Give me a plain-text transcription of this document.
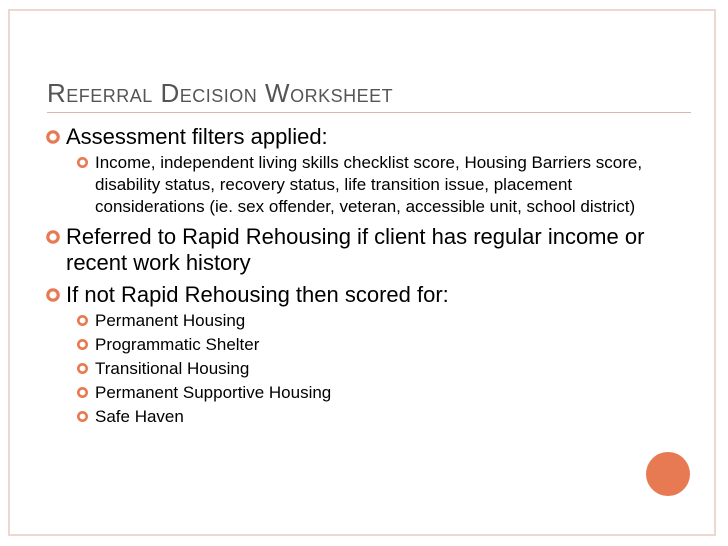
Referral Decision Worksheet
Assessment filters applied:
Income, independent living skills checklist score, Housing Barriers score, disability status, recovery status, life transition issue, placement considerations (ie. sex offender, veteran, accessible unit, school district)
Referred to Rapid Rehousing if client has regular income or recent work history
If not Rapid Rehousing then scored for:
Permanent Housing
Programmatic Shelter
Transitional Housing
Permanent Supportive Housing
Safe Haven
